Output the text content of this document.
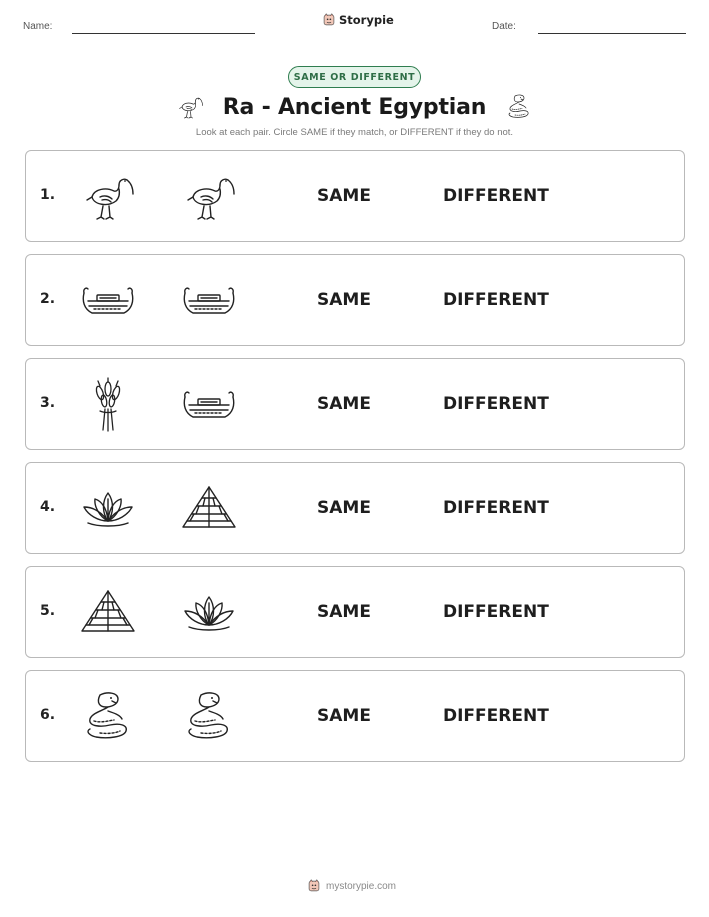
Name:	Storypie	Date:
SAME OR DIFFERENT
Ra - Ancient Egyptian
Look at each pair. Circle SAME if they match, or DIFFERENT if they do not.
1.	SAME	DIFFERENT
2.	SAME	DIFFERENT
3.	SAME	DIFFERENT
4.	SAME	DIFFERENT
5.	SAME	DIFFERENT
6.	SAME	DIFFERENT
mystorypie.com
